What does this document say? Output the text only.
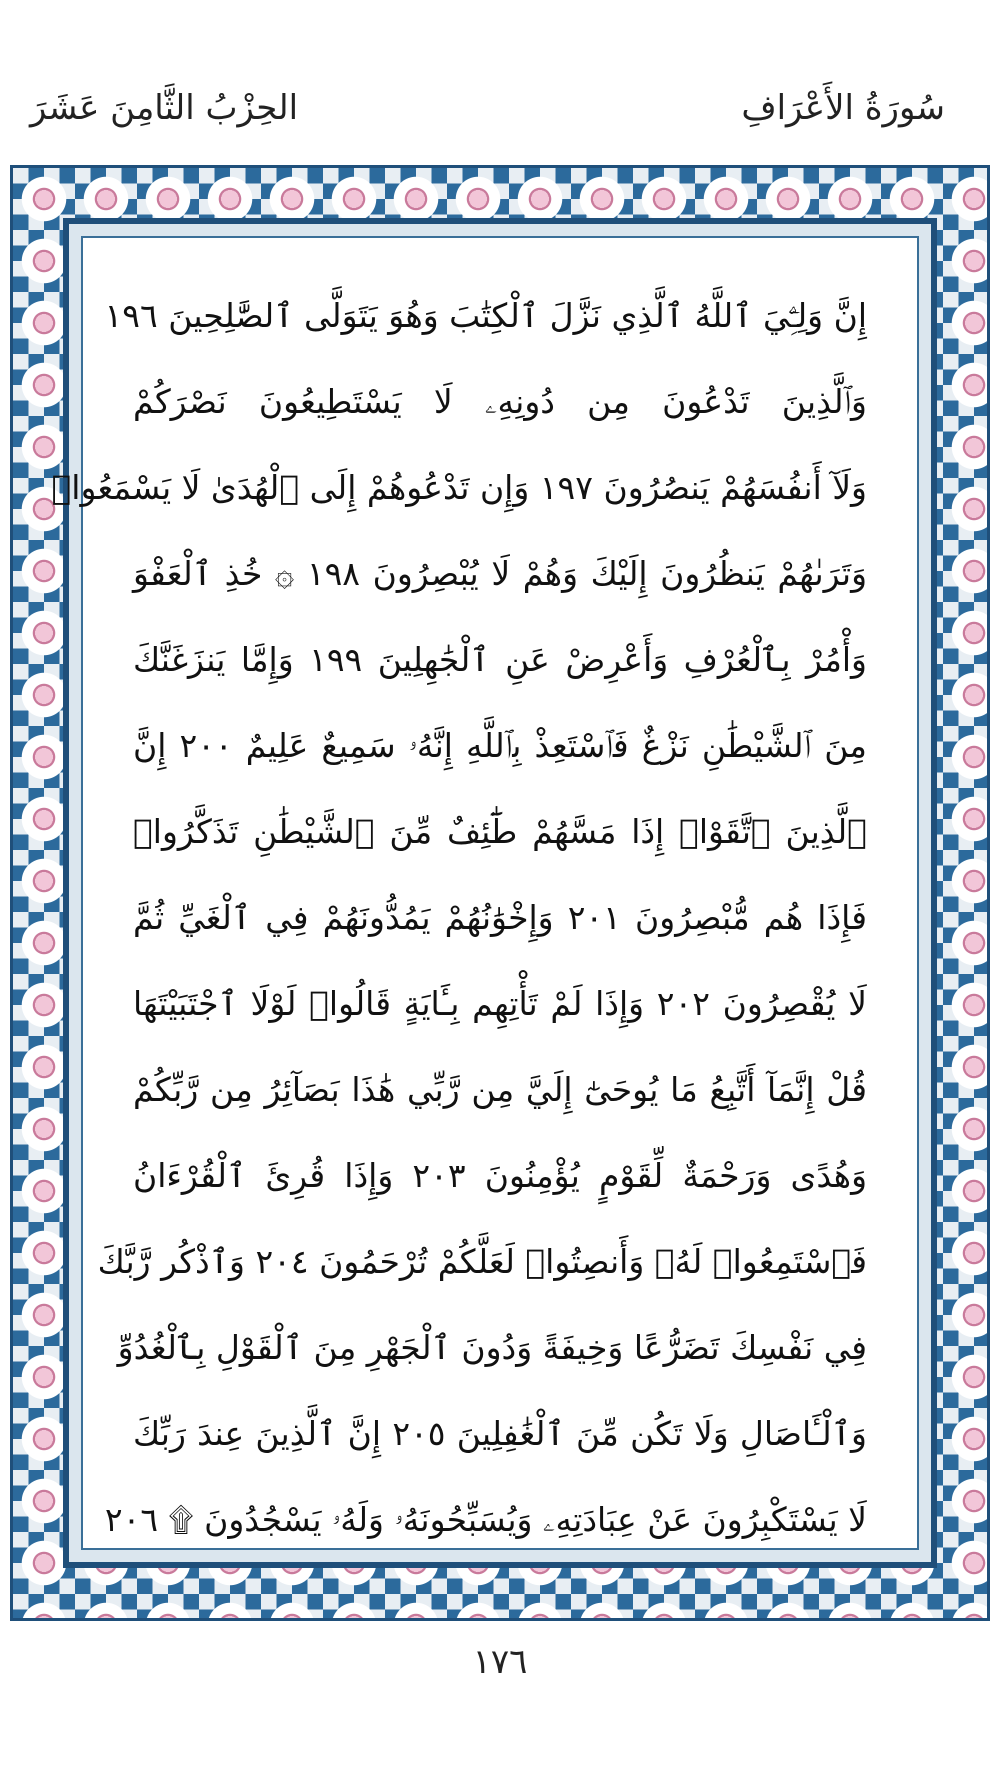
سُورَةُ الأَعْرَافِ
الحِزْبُ الثَّامِنَ عَشَرَ
إِنَّ وَلِـِّۧيَ ٱللَّهُ ٱلَّذِي نَزَّلَ ٱلْكِتَٰبَ وَهُوَ يَتَوَلَّى ٱلصَّٰلِحِينَ ١٩٦
وَٱلَّذِينَ تَدْعُونَ مِن دُونِهِۦ لَا يَسْتَطِيعُونَ نَصْرَكُمْ
وَلَآ أَنفُسَهُمْ يَنصُرُونَ ١٩٧ وَإِن تَدْعُوهُمْ إِلَى ٱلْهُدَىٰ لَا يَسْمَعُوا۟
وَتَرَىٰهُمْ يَنظُرُونَ إِلَيْكَ وَهُمْ لَا يُبْصِرُونَ ١٩٨ ۞ خُذِ ٱلْعَفْوَ
وَأْمُرْ بِٱلْعُرْفِ وَأَعْرِضْ عَنِ ٱلْجَٰهِلِينَ ١٩٩ وَإِمَّا يَنزَغَنَّكَ
مِنَ ٱلشَّيْطَٰنِ نَزْغٌ فَٱسْتَعِذْ بِٱللَّهِ إِنَّهُۥ سَمِيعٌ عَلِيمٌ ٢٠٠ إِنَّ
ٱلَّذِينَ ٱتَّقَوْا۟ إِذَا مَسَّهُمْ طَٰٓئِفٌ مِّنَ ٱلشَّيْطَٰنِ تَذَكَّرُوا۟
فَإِذَا هُم مُّبْصِرُونَ ٢٠١ وَإِخْوَٰنُهُمْ يَمُدُّونَهُمْ فِي ٱلْغَيِّ ثُمَّ
لَا يُقْصِرُونَ ٢٠٢ وَإِذَا لَمْ تَأْتِهِم بِـَٔايَةٍ قَالُوا۟ لَوْلَا ٱجْتَبَيْتَهَا
قُلْ إِنَّمَآ أَتَّبِعُ مَا يُوحَىٰٓ إِلَيَّ مِن رَّبِّي هَٰذَا بَصَآئِرُ مِن رَّبِّكُمْ
وَهُدًى وَرَحْمَةٌ لِّقَوْمٍ يُؤْمِنُونَ ٢٠٣ وَإِذَا قُرِئَ ٱلْقُرْءَانُ
فَٱسْتَمِعُوا۟ لَهُۥ وَأَنصِتُوا۟ لَعَلَّكُمْ تُرْحَمُونَ ٢٠٤ وَٱذْكُر رَّبَّكَ
فِي نَفْسِكَ تَضَرُّعًا وَخِيفَةً وَدُونَ ٱلْجَهْرِ مِنَ ٱلْقَوْلِ بِٱلْغُدُوِّ
وَٱلْـَٔاصَالِ وَلَا تَكُن مِّنَ ٱلْغَٰفِلِينَ ٢٠٥ إِنَّ ٱلَّذِينَ عِندَ رَبِّكَ
لَا يَسْتَكْبِرُونَ عَنْ عِبَادَتِهِۦ وَيُسَبِّحُونَهُۥ وَلَهُۥ يَسْجُدُونَ ۩ ٢٠٦
١٧٦
